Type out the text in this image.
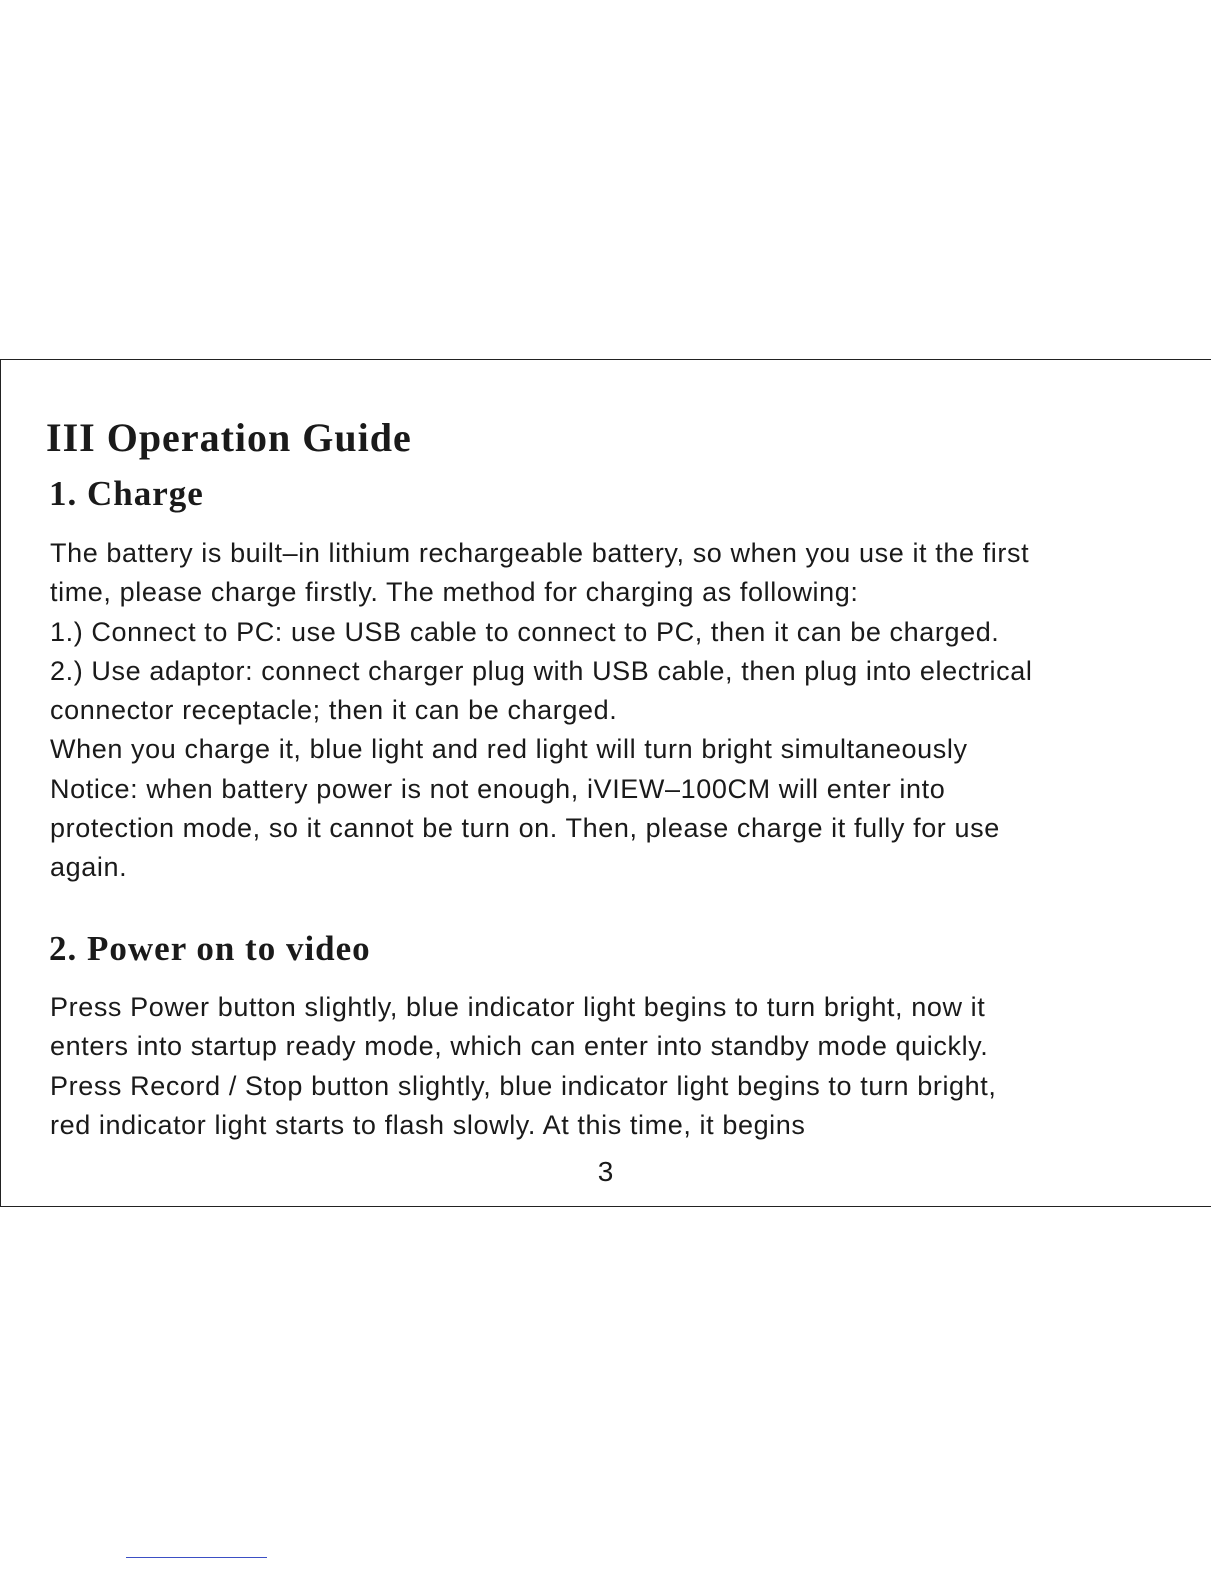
III Operation Guide
1. Charge
The battery is built–in lithium rechargeable battery, so when you use it the first
time, please charge firstly. The method for charging as following:
1.) Connect to PC: use USB cable to connect to PC, then it can be charged.
2.) Use adaptor: connect charger plug with USB cable, then plug into electrical
connector receptacle; then it can be charged.
When you charge it, blue light and red light will turn bright simultaneously
Notice: when battery power is not enough, iVIEW–100CM will enter into
protection mode, so it cannot be turn on. Then, please charge it fully for use
again.
2. Power on to video
Press Power button slightly, blue indicator light begins to turn bright, now it
enters into startup ready mode, which can enter into standby mode quickly.
Press Record / Stop button slightly, blue indicator light begins to turn bright,
red indicator light starts to flash slowly. At this time, it begins
3
